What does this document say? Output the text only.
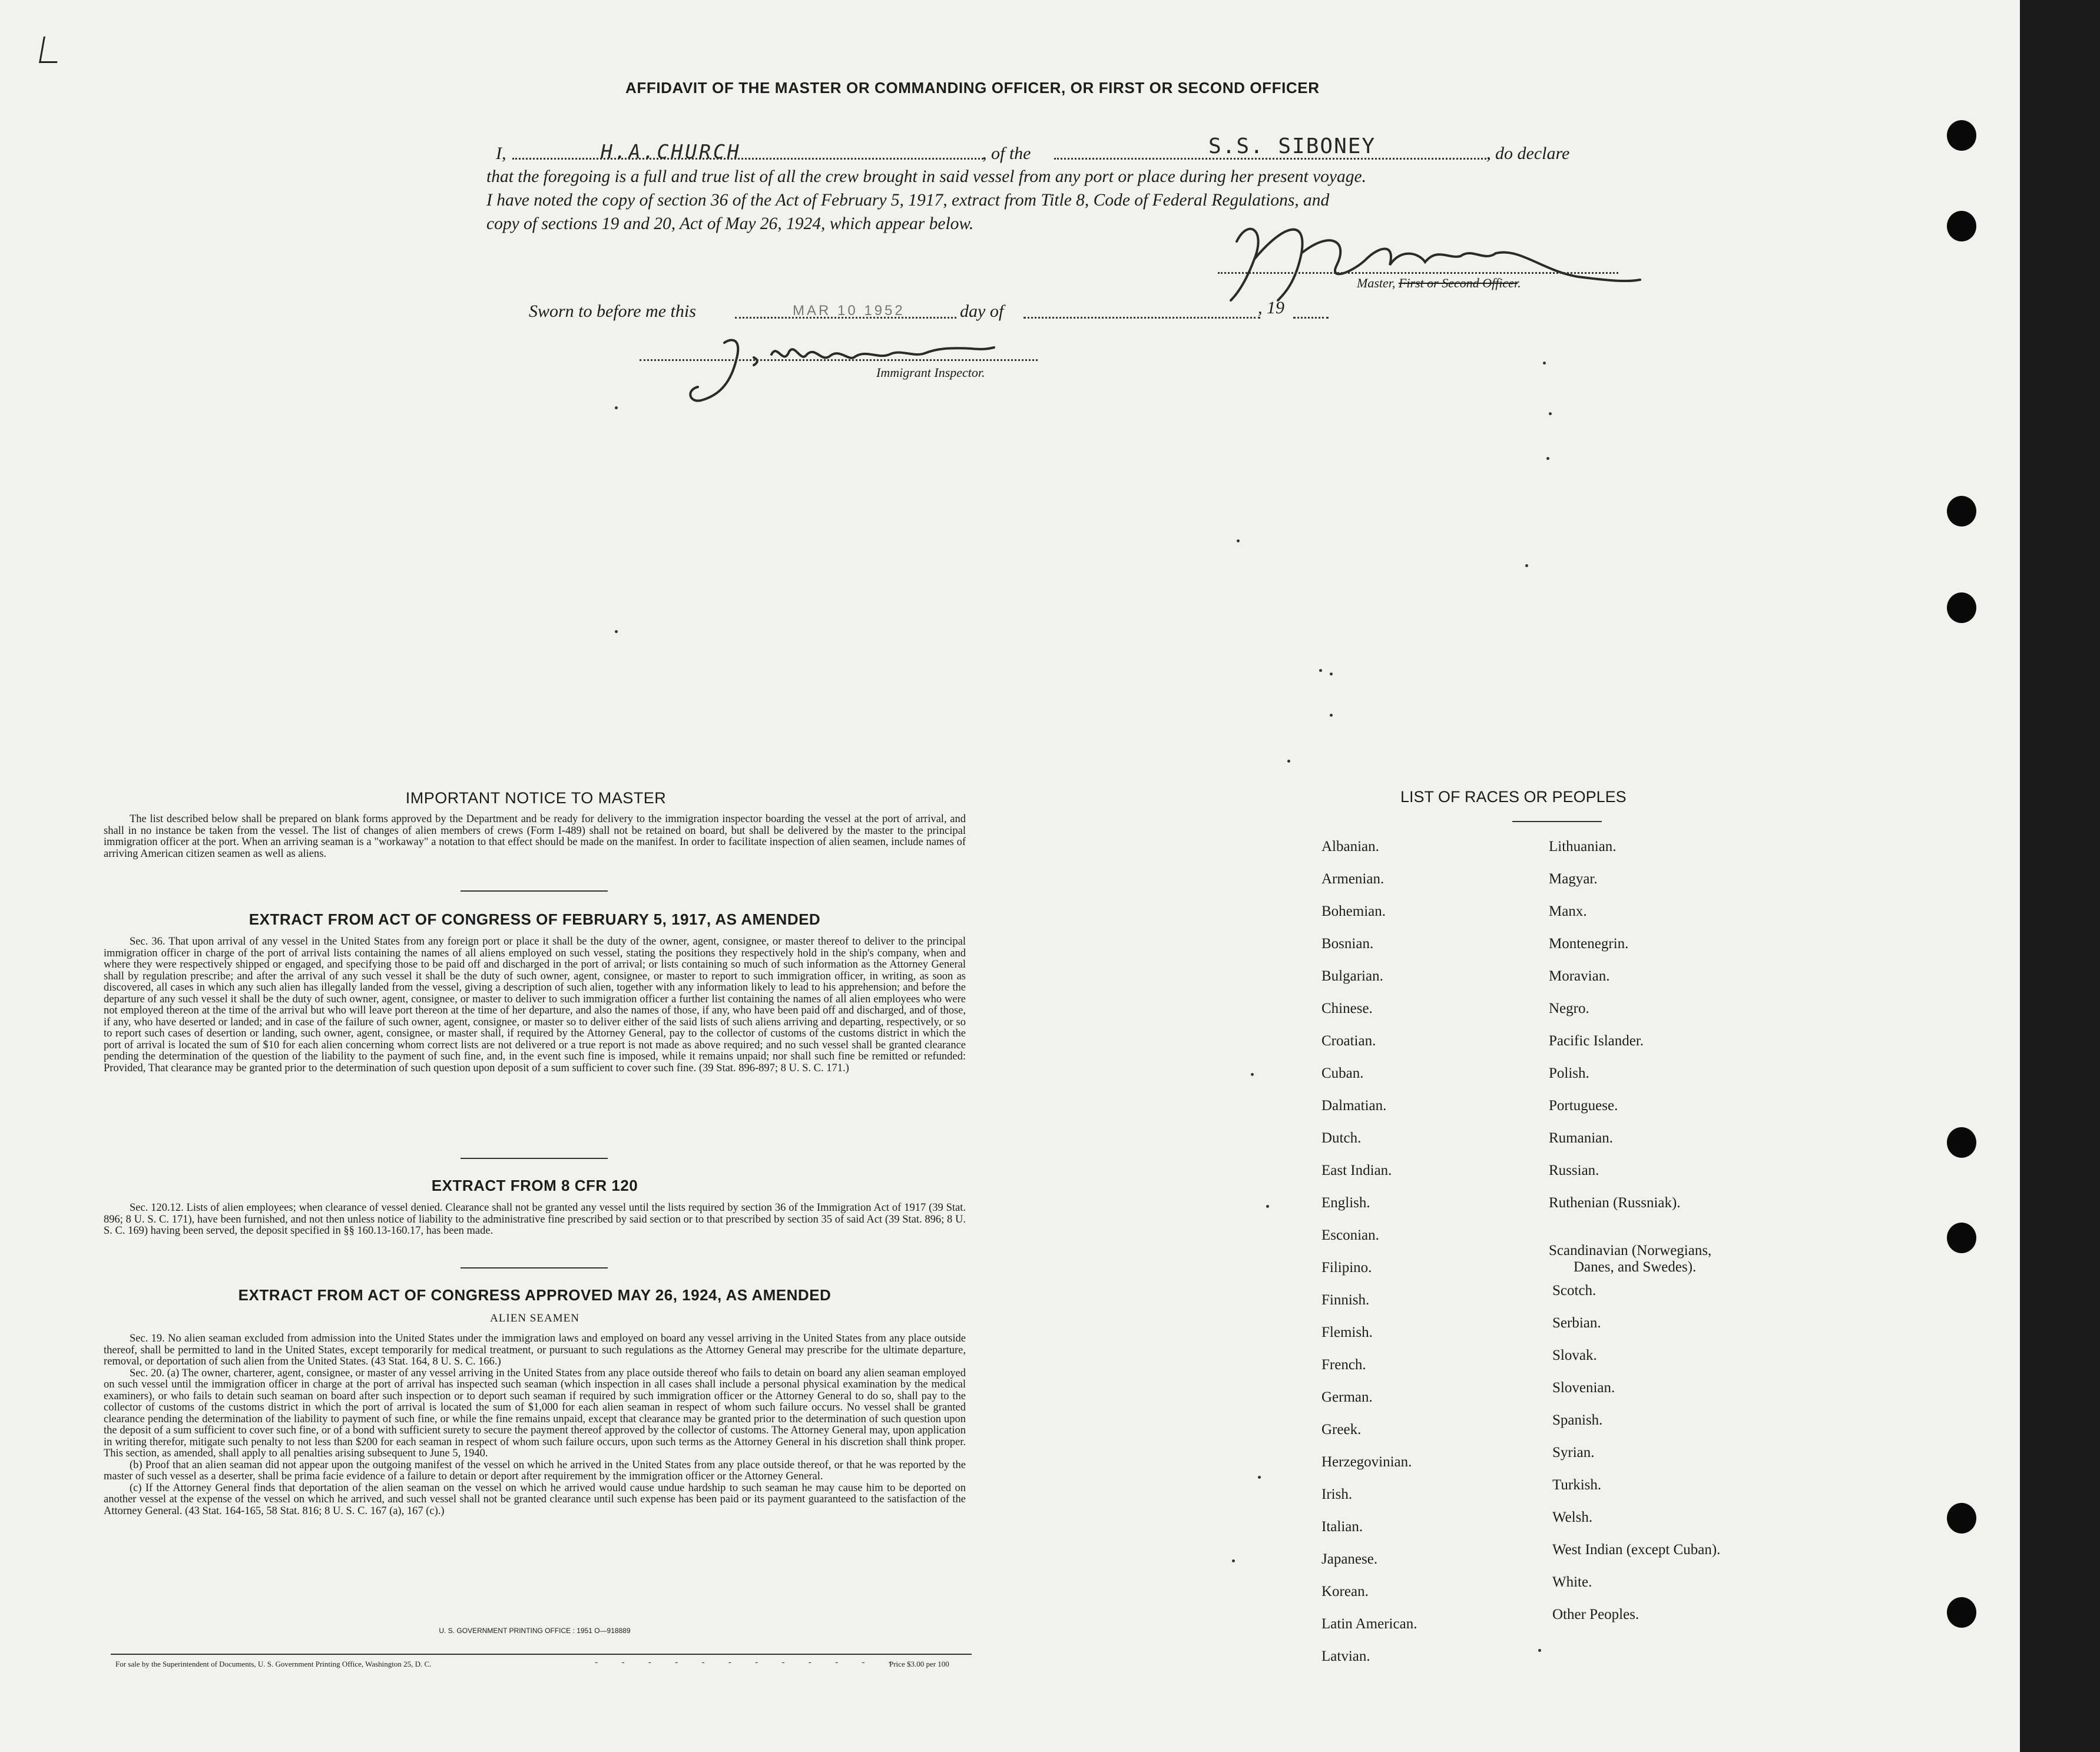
AFFIDAVIT OF THE MASTER OR COMMANDING OFFICER, OR FIRST OR SECOND OFFICER
I,	H.A.CHURCH	, of the	S.S. SIBONEY	, do declare
that the foregoing is a full and true list of all the crew brought in said vessel from any port or place during her present voyage.
I have noted the copy of section 36 of the Act of February 5, 1917, extract from Title 8, Code of Federal Regulations, and
copy of sections 19 and 20, Act of May 26, 1924, which appear below.
Master, First or Second Officer.
Sworn to before me this	MAR 10 1952	day of	, 19
Immigrant Inspector.
IMPORTANT NOTICE TO MASTER

The list described below shall be prepared on blank forms approved by the Department and be ready for delivery to the immigration inspector boarding the vessel at the port of arrival, and shall in no instance be taken from the vessel. The list of changes of alien members of crews (Form I-489) shall not be retained on board, but shall be delivered by the master to the principal immigration officer at the port. When an arriving seaman is a "workaway" a notation to that effect should be made on the manifest. In order to facilitate inspection of alien seamen, include names of arriving American citizen seamen as well as aliens.

EXTRACT FROM ACT OF CONGRESS OF FEBRUARY 5, 1917, AS AMENDED

Sec. 36. That upon arrival of any vessel in the United States from any foreign port or place it shall be the duty of the owner, agent, consignee, or master thereof to deliver to the principal immigration officer in charge of the port of arrival lists containing the names of all aliens employed on such vessel, stating the positions they respectively hold in the ship's company, when and where they were respectively shipped or engaged, and specifying those to be paid off and discharged in the port of arrival; or lists containing so much of such information as the Attorney General shall by regulation prescribe; and after the arrival of any such vessel it shall be the duty of such owner, agent, consignee, or master to report to such immigration officer, in writing, as soon as discovered, all cases in which any such alien has illegally landed from the vessel, giving a description of such alien, together with any information likely to lead to his apprehension; and before the departure of any such vessel it shall be the duty of such owner, agent, consignee, or master to deliver to such immigration officer a further list containing the names of all alien employees who were not employed thereon at the time of the arrival but who will leave port thereon at the time of her departure, and also the names of those, if any, who have been paid off and discharged, and of those, if any, who have deserted or landed; and in case of the failure of such owner, agent, consignee, or master so to deliver either of the said lists of such aliens arriving and departing, respectively, or so to report such cases of desertion or landing, such owner, agent, consignee, or master shall, if required by the Attorney General, pay to the collector of customs of the customs district in which the port of arrival is located the sum of $10 for each alien concerning whom correct lists are not delivered or a true report is not made as above required; and no such vessel shall be granted clearance pending the determination of the question of the liability to the payment of such fine, and, in the event such fine is imposed, while it remains unpaid; nor shall such fine be remitted or refunded: Provided, That clearance may be granted prior to the determination of such question upon deposit of a sum sufficient to cover such fine. (39 Stat. 896-897; 8 U. S. C. 171.)

EXTRACT FROM 8 CFR 120

Sec. 120.12. Lists of alien employees; when clearance of vessel denied. Clearance shall not be granted any vessel until the lists required by section 36 of the Immigration Act of 1917 (39 Stat. 896; 8 U. S. C. 171), have been furnished, and not then unless notice of liability to the administrative fine prescribed by said section or to that prescribed by section 35 of said Act (39 Stat. 896; 8 U. S. C. 169) having been served, the deposit specified in §§ 160.13-160.17, has been made.

EXTRACT FROM ACT OF CONGRESS APPROVED MAY 26, 1924, AS AMENDED
ALIEN SEAMEN

Sec. 19. No alien seaman excluded from admission into the United States under the immigration laws and employed on board any vessel arriving in the United States from any place outside thereof, shall be permitted to land in the United States, except temporarily for medical treatment, or pursuant to such regulations as the Attorney General may prescribe for the ultimate departure, removal, or deportation of such alien from the United States. (43 Stat. 164, 8 U. S. C. 166.)

Sec. 20. (a) The owner, charterer, agent, consignee, or master of any vessel arriving in the United States from any place outside thereof who fails to detain on board any alien seaman employed on such vessel until the immigration officer in charge at the port of arrival has inspected such seaman (which inspection in all cases shall include a personal physical examination by the medical examiners), or who fails to detain such seaman on board after such inspection or to deport such seaman if required by such immigration officer or the Attorney General to do so, shall pay to the collector of customs of the customs district in which the port of arrival is located the sum of $1,000 for each alien seaman in respect of whom such failure occurs. No vessel shall be granted clearance pending the determination of the liability to payment of such fine, or while the fine remains unpaid, except that clearance may be granted prior to the determination of such question upon the deposit of a sum sufficient to cover such fine, or of a bond with sufficient surety to secure the payment thereof approved by the collector of customs. The Attorney General may, upon application in writing therefor, mitigate such penalty to not less than $200 for each seaman in respect of whom such failure occurs, upon such terms as the Attorney General in his discretion shall think proper. This section, as amended, shall apply to all penalties arising subsequent to June 5, 1940.

(b) Proof that an alien seaman did not appear upon the outgoing manifest of the vessel on which he arrived in the United States from any place outside thereof, or that he was reported by the master of such vessel as a deserter, shall be prima facie evidence of a failure to detain or deport after requirement by the immigration officer or the Attorney General.

(c) If the Attorney General finds that deportation of the alien seaman on the vessel on which he arrived would cause undue hardship to such seaman he may cause him to be deported on another vessel at the expense of the vessel on which he arrived, and such vessel shall not be granted clearance until such expense has been paid or its payment guaranteed to the satisfaction of the Attorney General. (43 Stat. 164-165, 58 Stat. 816; 8 U. S. C. 167 (a), 167 (c).)

U. S. GOVERNMENT PRINTING OFFICE : 1951 O—918889
For sale by the Superintendent of Documents, U. S. Government Printing Office, Washington 25, D. C.	- - - - - - - - - - - -
Price $3.00 per 100
LIST OF RACES OR PEOPLES
Albanian.
Armenian.
Bohemian.
Bosnian.
Bulgarian.
Chinese.
Croatian.
Cuban.
Dalmatian.
Dutch.
East Indian.
English.
Esconian.
Filipino.
Finnish.
Flemish.
French.
German.
Greek.
Herzegovinian.
Irish.
Italian.
Japanese.
Korean.
Latin American.
Latvian.
Lithuanian.
Magyar.
Manx.
Montenegrin.
Moravian.
Negro.
Pacific Islander.
Polish.
Portuguese.
Rumanian.
Russian.
Ruthenian (Russniak).
Scandinavian (Norwegians,
Danes, and Swedes).
Scotch.
Serbian.
Slovak.
Slovenian.
Spanish.
Syrian.
Turkish.
Welsh.
West Indian (except Cuban).
White.
Other Peoples.
